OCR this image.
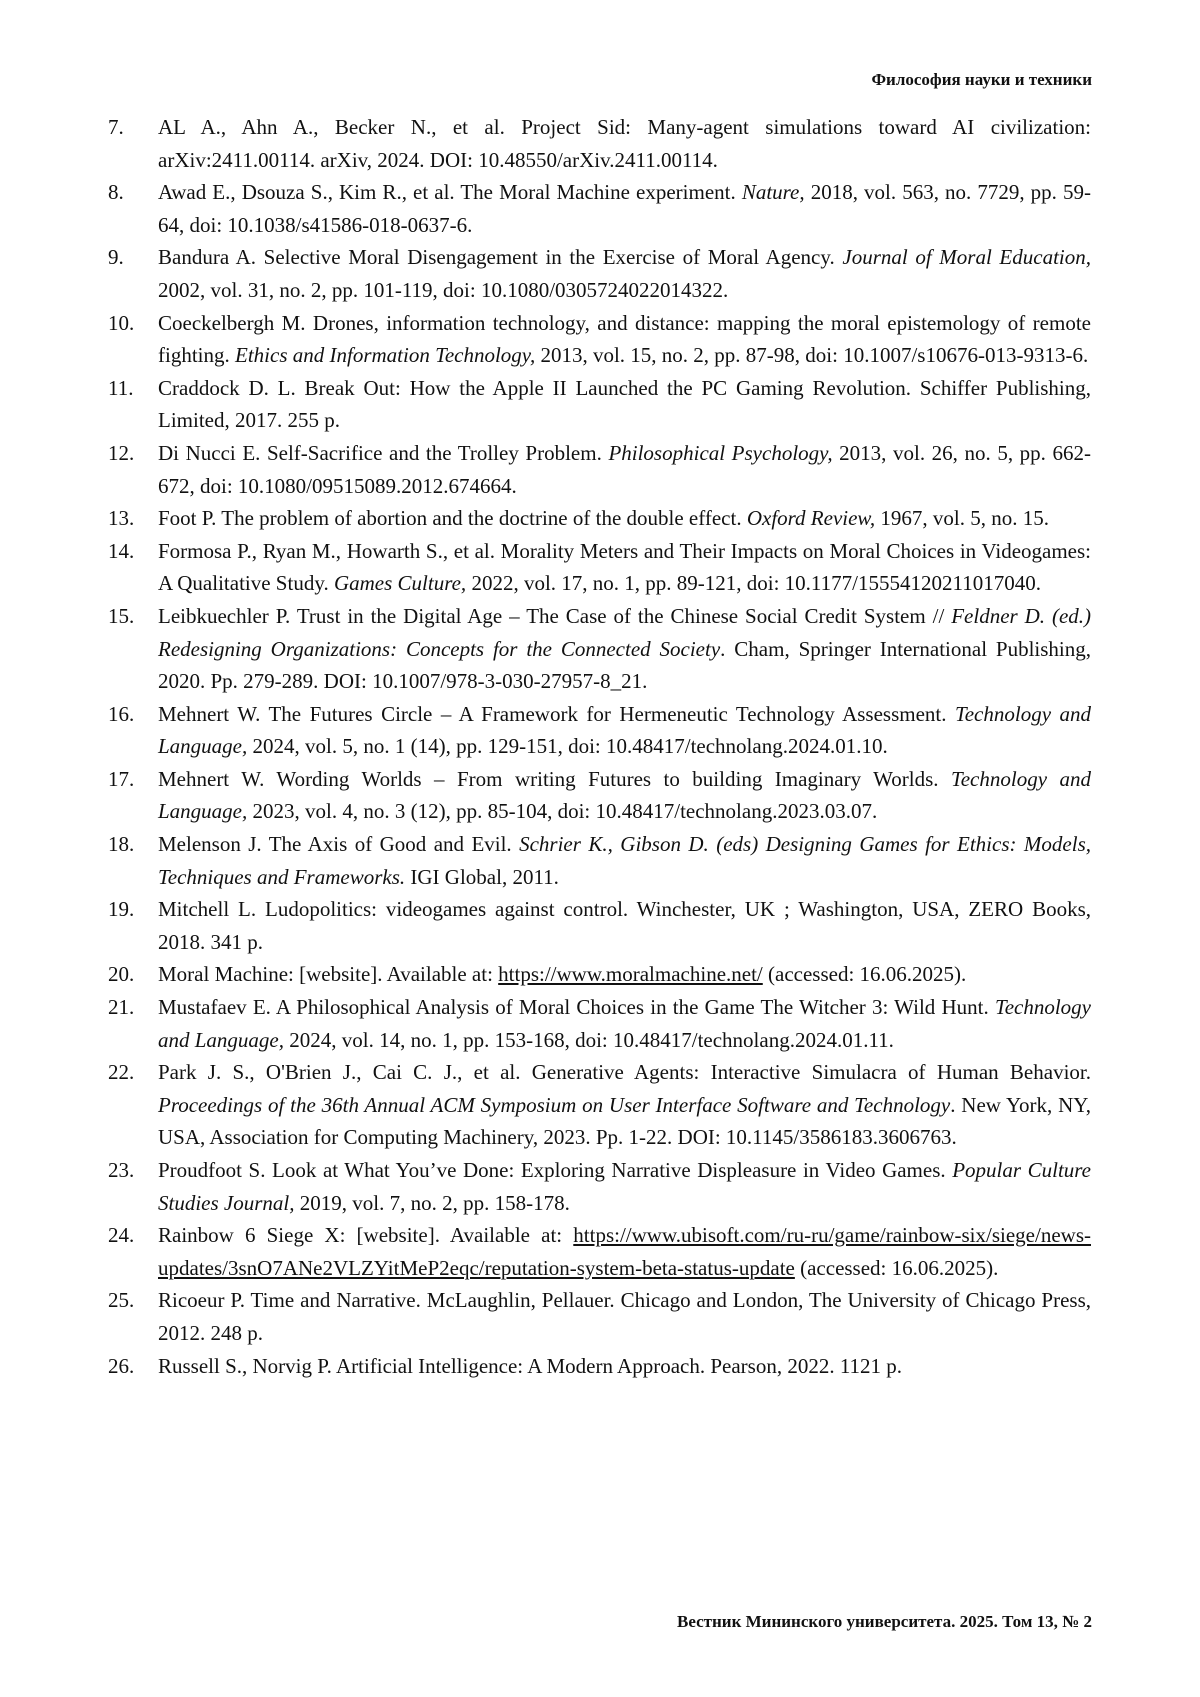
Философия науки и техники
7.	AL A., Ahn A., Becker N., et al. Project Sid: Many-agent simulations toward AI civilization: arXiv:2411.00114. arXiv, 2024. DOI: 10.48550/arXiv.2411.00114.
8.	Awad E., Dsouza S., Kim R., et al. The Moral Machine experiment. Nature, 2018, vol. 563, no. 7729, pp. 59-64, doi: 10.1038/s41586-018-0637-6.
9.	Bandura A. Selective Moral Disengagement in the Exercise of Moral Agency. Journal of Moral Education, 2002, vol. 31, no. 2, pp. 101-119, doi: 10.1080/0305724022014322.
10.	Coeckelbergh M. Drones, information technology, and distance: mapping the moral epistemology of remote fighting. Ethics and Information Technology, 2013, vol. 15, no. 2, pp. 87-98, doi: 10.1007/s10676-013-9313-6.
11.	Craddock D. L. Break Out: How the Apple II Launched the PC Gaming Revolution. Schiffer Publishing, Limited, 2017. 255 p.
12.	Di Nucci E. Self-Sacrifice and the Trolley Problem. Philosophical Psychology, 2013, vol. 26, no. 5, pp. 662-672, doi: 10.1080/09515089.2012.674664.
13.	Foot P. The problem of abortion and the doctrine of the double effect. Oxford Review, 1967, vol. 5, no. 15.
14.	Formosa P., Ryan M., Howarth S., et al. Morality Meters and Their Impacts on Moral Choices in Videogames: A Qualitative Study. Games Culture, 2022, vol. 17, no. 1, pp. 89-121, doi: 10.1177/15554120211017040.
15.	Leibkuechler P. Trust in the Digital Age – The Case of the Chinese Social Credit System // Feldner D. (ed.) Redesigning Organizations: Concepts for the Connected Society. Cham, Springer International Publishing, 2020. Pp. 279-289. DOI: 10.1007/978-3-030-27957-8_21.
16.	Mehnert W. The Futures Circle – A Framework for Hermeneutic Technology Assessment. Technology and Language, 2024, vol. 5, no. 1 (14), pp. 129-151, doi: 10.48417/technolang.2024.01.10.
17.	Mehnert W. Wording Worlds – From writing Futures to building Imaginary Worlds. Technology and Language, 2023, vol. 4, no. 3 (12), pp. 85-104, doi: 10.48417/technolang.2023.03.07.
18.	Melenson J. The Axis of Good and Evil. Schrier K., Gibson D. (eds) Designing Games for Ethics: Models, Techniques and Frameworks. IGI Global, 2011.
19.	Mitchell L. Ludopolitics: videogames against control. Winchester, UK ; Washington, USA, ZERO Books, 2018. 341 p.
20.	Moral Machine: [website]. Available at: https://www.moralmachine.net/ (accessed: 16.06.2025).
21.	Mustafaev E. A Philosophical Analysis of Moral Choices in the Game The Witcher 3: Wild Hunt. Technology and Language, 2024, vol. 14, no. 1, pp. 153-168, doi: 10.48417/technolang.2024.01.11.
22.	Park J. S., O'Brien J., Cai C. J., et al. Generative Agents: Interactive Simulacra of Human Behavior. Proceedings of the 36th Annual ACM Symposium on User Interface Software and Technology. New York, NY, USA, Association for Computing Machinery, 2023. Pp. 1-22. DOI: 10.1145/3586183.3606763.
23.	Proudfoot S. Look at What You’ve Done: Exploring Narrative Displeasure in Video Games. Popular Culture Studies Journal, 2019, vol. 7, no. 2, pp. 158-178.
24.	Rainbow 6 Siege X: [website]. Available at: https://www.ubisoft.com/ru-ru/game/rainbow-six/siege/news-updates/3snO7ANe2VLZYitMeP2eqc/reputation-system-beta-status-update (accessed: 16.06.2025).
25.	Ricoeur P. Time and Narrative. McLaughlin, Pellauer. Chicago and London, The University of Chicago Press, 2012. 248 p.
26.	Russell S., Norvig P. Artificial Intelligence: A Modern Approach. Pearson, 2022. 1121 p.
Вестник Мининского университета. 2025. Том 13, № 2
